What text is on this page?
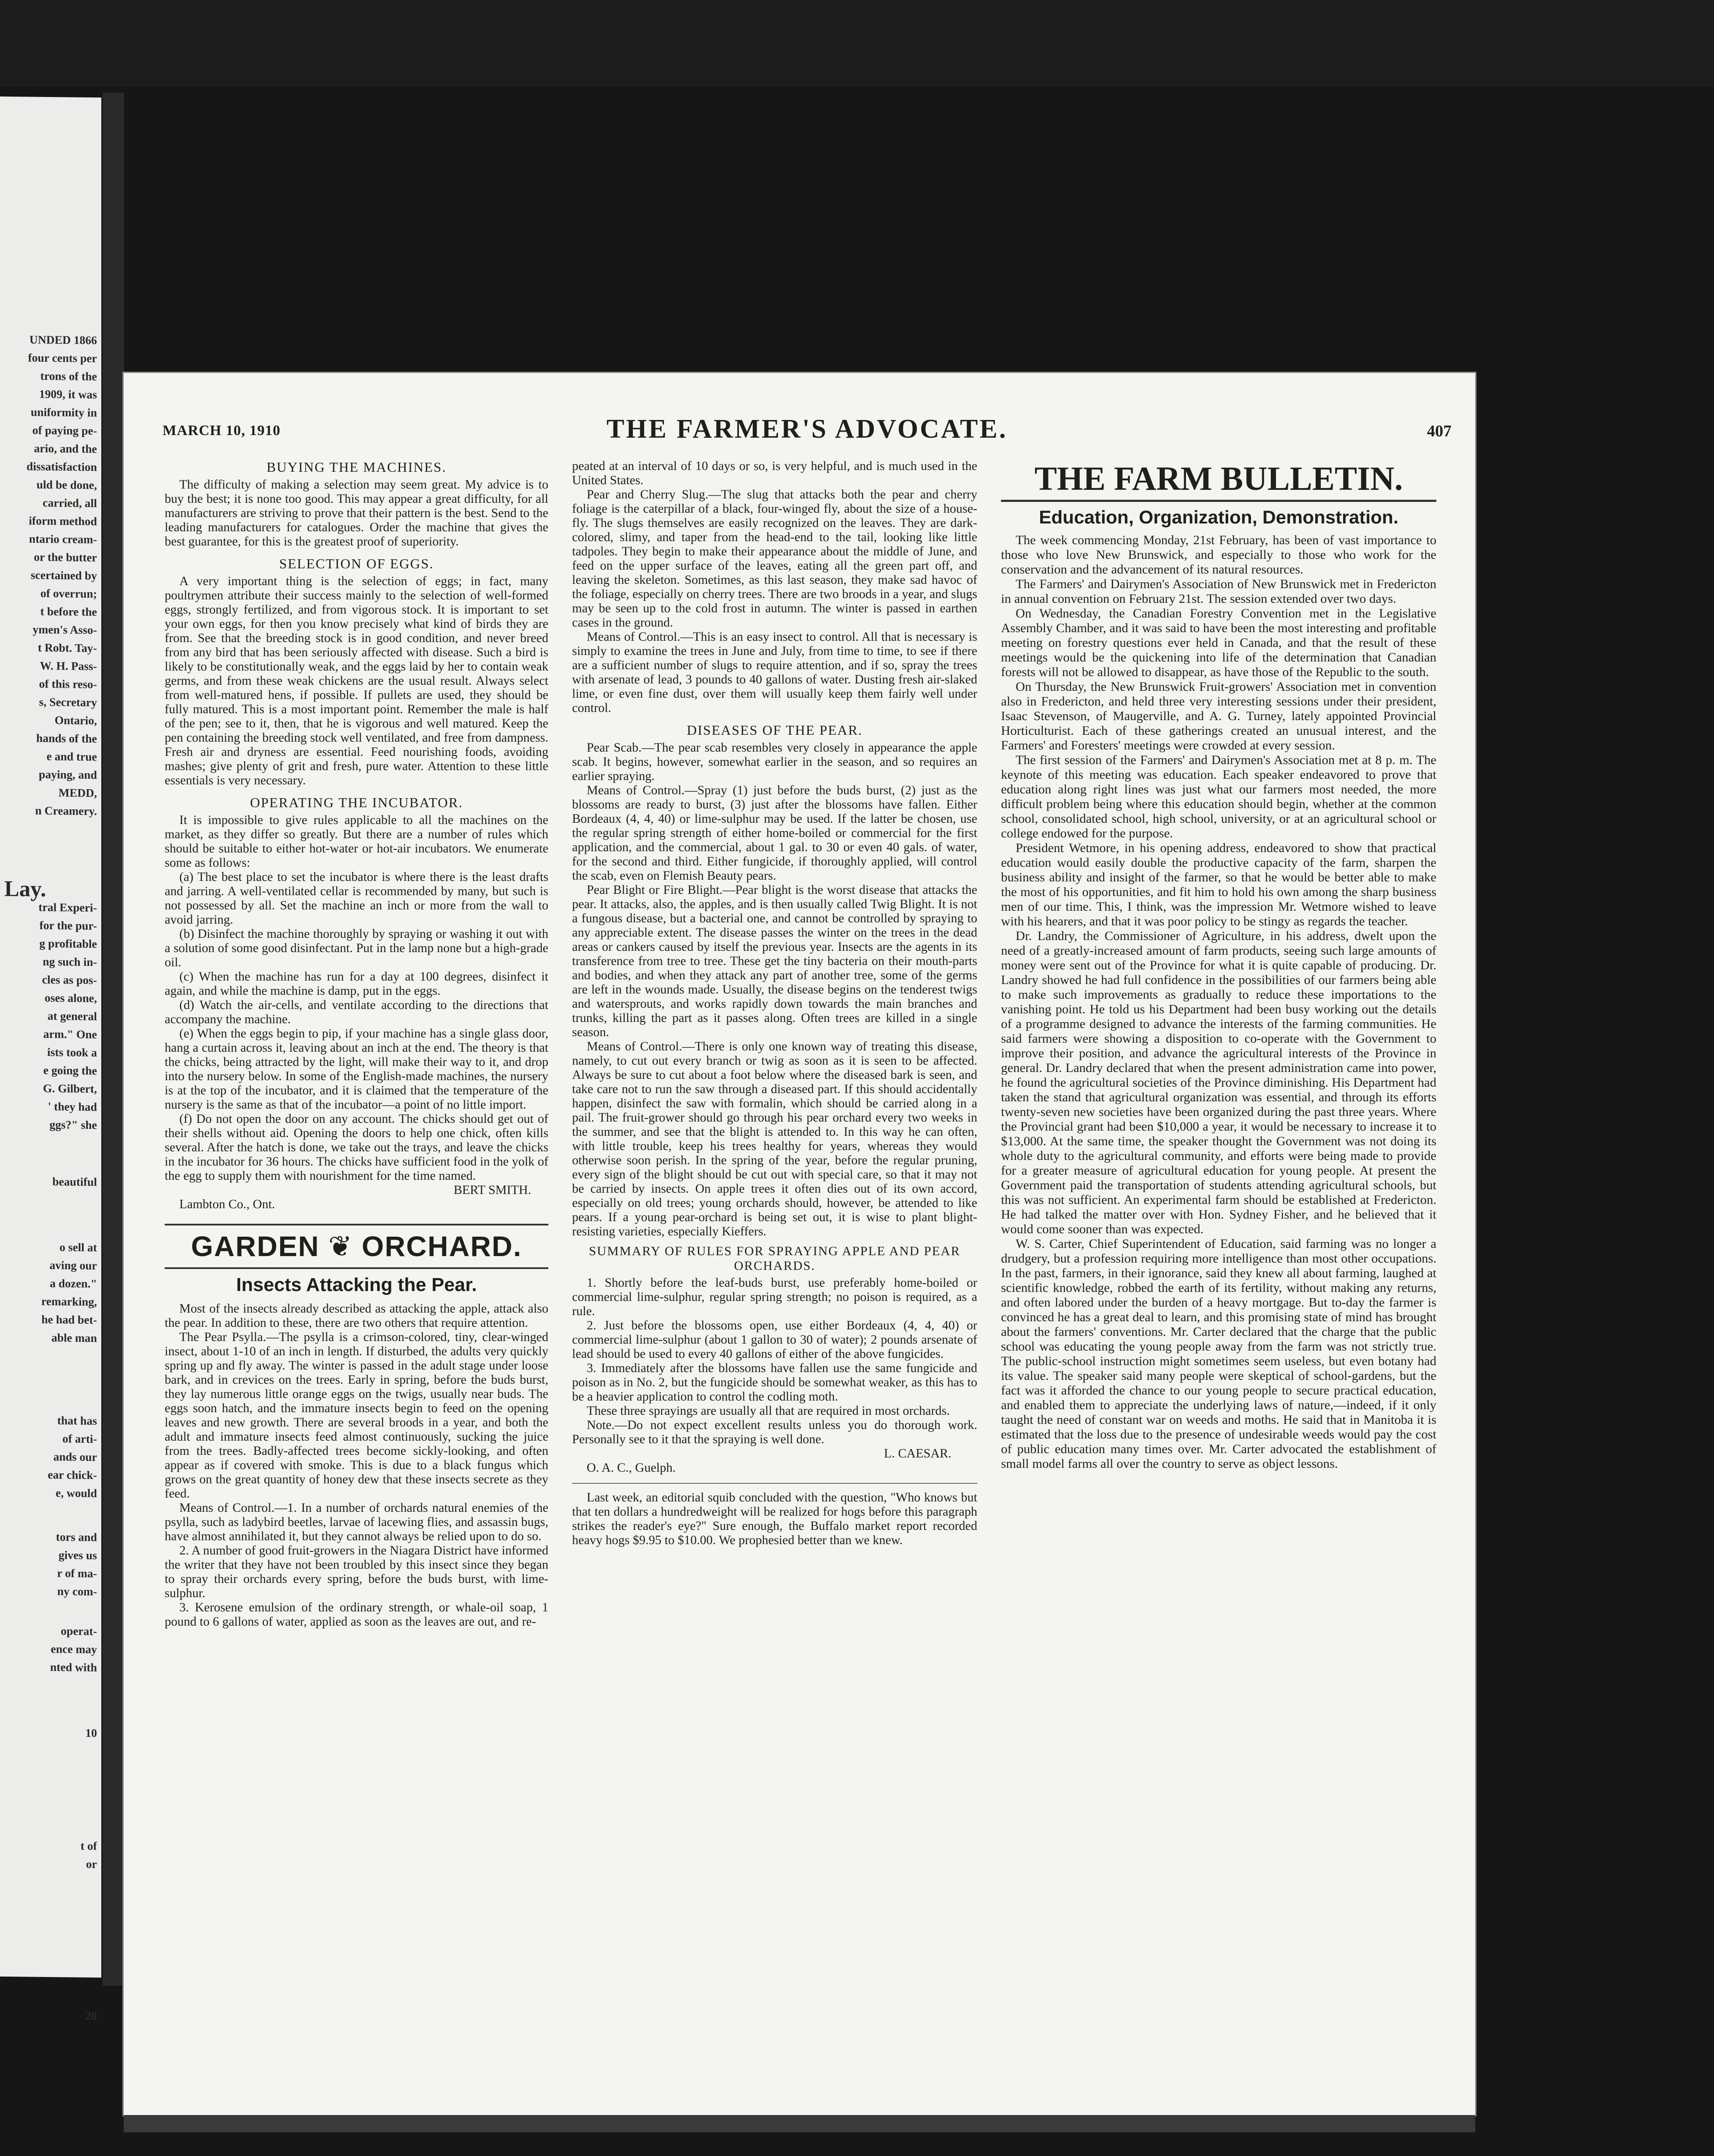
UNDED 1866
four cents per
trons of the
1909, it was
uniformity in
of paying pe-
ario, and the
dissatisfaction
uld be done,
carried, all
iform method
ntario cream-
or the butter
scertained by
of overrun;
t before the
ymen's Asso-
t Robt. Tay-
W. H. Pass-
of this reso-
s, Secretary
Ontario,
hands of the
e and true
paying, and
MEDD,
n Creamery.
Lay.
tral Experi-
for the pur-
g profitable
ng such in-
cles as pos-
oses alone,
at general
arm." One
ists took a
e going the
G. Gilbert,
' they had
ggs?" she
beautiful
o sell at
aving our
a dozen."
remarking,
he had bet-
able man
that has
of arti-
ands our
ear chick-
e, would
tors and
gives us
r of ma-
ny com-
operat-
ence may
nted with
10
t of
or
20
MARCH 10, 1910	THE FARMER'S ADVOCATE.	407
BUYING THE MACHINES.

The difficulty of making a selection may seem great. My advice is to buy the best; it is none too good. This may appear a great difficulty, for all manufacturers are striving to prove that their pattern is the best. Send to the leading manufacturers for catalogues. Order the machine that gives the best guarantee, for this is the greatest proof of superiority.

SELECTION OF EGGS.

A very important thing is the selection of eggs; in fact, many poultrymen attribute their success mainly to the selection of well-formed eggs, strongly fertilized, and from vigorous stock. It is important to set your own eggs, for then you know precisely what kind of birds they are from. See that the breeding stock is in good condition, and never breed from any bird that has been seriously affected with disease. Such a bird is likely to be constitutionally weak, and the eggs laid by her to contain weak germs, and from these weak chickens are the usual result. Always select from well-matured hens, if possible. If pullets are used, they should be fully matured. This is a most important point. Remember the male is half of the pen; see to it, then, that he is vigorous and well matured. Keep the pen containing the breeding stock well ventilated, and free from dampness. Fresh air and dryness are essential. Feed nourishing foods, avoiding mashes; give plenty of grit and fresh, pure water. Attention to these little essentials is very necessary.

OPERATING THE INCUBATOR.

It is impossible to give rules applicable to all the machines on the market, as they differ so greatly. But there are a number of rules which should be suitable to either hot-water or hot-air incubators. We enumerate some as follows:

(a) The best place to set the incubator is where there is the least drafts and jarring. A well-ventilated cellar is recommended by many, but such is not possessed by all. Set the machine an inch or more from the wall to avoid jarring.

(b) Disinfect the machine thoroughly by spraying or washing it out with a solution of some good disinfectant. Put in the lamp none but a high-grade oil.

(c) When the machine has run for a day at 100 degrees, disinfect it again, and while the machine is damp, put in the eggs.

(d) Watch the air-cells, and ventilate according to the directions that accompany the machine.

(e) When the eggs begin to pip, if your machine has a single glass door, hang a curtain across it, leaving about an inch at the end. The theory is that the chicks, being attracted by the light, will make their way to it, and drop into the nursery below. In some of the English-made machines, the nursery is at the top of the incubator, and it is claimed that the temperature of the nursery is the same as that of the incubator—a point of no little import.

(f) Do not open the door on any account. The chicks should get out of their shells without aid. Opening the doors to help one chick, often kills several. After the hatch is done, we take out the trays, and leave the chicks in the incubator for 36 hours. The chicks have sufficient food in the yolk of the egg to supply them with nourishment for the time named.

BERT SMITH.

Lambton Co., Ont.

GARDEN ❦ ORCHARD.
Insects Attacking the Pear.

Most of the insects already described as attacking the apple, attack also the pear. In addition to these, there are two others that require attention.

The Pear Psylla.—The psylla is a crimson-colored, tiny, clear-winged insect, about 1-10 of an inch in length. If disturbed, the adults very quickly spring up and fly away. The winter is passed in the adult stage under loose bark, and in crevices on the trees. Early in spring, before the buds burst, they lay numerous little orange eggs on the twigs, usually near buds. The eggs soon hatch, and the immature insects begin to feed on the opening leaves and new growth. There are several broods in a year, and both the adult and immature insects feed almost continuously, sucking the juice from the trees. Badly-affected trees become sickly-looking, and often appear as if covered with smoke. This is due to a black fungus which grows on the great quantity of honey dew that these insects secrete as they feed.

Means of Control.—1. In a number of orchards natural enemies of the psylla, such as ladybird beetles, larvae of lacewing flies, and assassin bugs, have almost annihilated it, but they cannot always be relied upon to do so.

2. A number of good fruit-growers in the Niagara District have informed the writer that they have not been troubled by this insect since they began to spray their orchards every spring, before the buds burst, with lime-sulphur.

3. Kerosene emulsion of the ordinary strength, or whale-oil soap, 1 pound to 6 gallons of water, applied as soon as the leaves are out, and re-

peated at an interval of 10 days or so, is very helpful, and is much used in the United States.

Pear and Cherry Slug.—The slug that attacks both the pear and cherry foliage is the caterpillar of a black, four-winged fly, about the size of a house-fly. The slugs themselves are easily recognized on the leaves. They are dark-colored, slimy, and taper from the head-end to the tail, looking like little tadpoles. They begin to make their appearance about the middle of June, and feed on the upper surface of the leaves, eating all the green part off, and leaving the skeleton. Sometimes, as this last season, they make sad havoc of the foliage, especially on cherry trees. There are two broods in a year, and slugs may be seen up to the cold frost in autumn. The winter is passed in earthen cases in the ground.

Means of Control.—This is an easy insect to control. All that is necessary is simply to examine the trees in June and July, from time to time, to see if there are a sufficient number of slugs to require attention, and if so, spray the trees with arsenate of lead, 3 pounds to 40 gallons of water. Dusting fresh air-slaked lime, or even fine dust, over them will usually keep them fairly well under control.

DISEASES OF THE PEAR.

Pear Scab.—The pear scab resembles very closely in appearance the apple scab. It begins, however, somewhat earlier in the season, and so requires an earlier spraying.

Means of Control.—Spray (1) just before the buds burst, (2) just as the blossoms are ready to burst, (3) just after the blossoms have fallen. Either Bordeaux (4, 4, 40) or lime-sulphur may be used. If the latter be chosen, use the regular spring strength of either home-boiled or commercial for the first application, and the commercial, about 1 gal. to 30 or even 40 gals. of water, for the second and third. Either fungicide, if thoroughly applied, will control the scab, even on Flemish Beauty pears.

Pear Blight or Fire Blight.—Pear blight is the worst disease that attacks the pear. It attacks, also, the apples, and is then usually called Twig Blight. It is not a fungous disease, but a bacterial one, and cannot be controlled by spraying to any appreciable extent. The disease passes the winter on the trees in the dead areas or cankers caused by itself the previous year. Insects are the agents in its transference from tree to tree. These get the tiny bacteria on their mouth-parts and bodies, and when they attack any part of another tree, some of the germs are left in the wounds made. Usually, the disease begins on the tenderest twigs and watersprouts, and works rapidly down towards the main branches and trunks, killing the part as it passes along. Often trees are killed in a single season.

Means of Control.—There is only one known way of treating this disease, namely, to cut out every branch or twig as soon as it is seen to be affected. Always be sure to cut about a foot below where the diseased bark is seen, and take care not to run the saw through a diseased part. If this should accidentally happen, disinfect the saw with formalin, which should be carried along in a pail. The fruit-grower should go through his pear orchard every two weeks in the summer, and see that the blight is attended to. In this way he can often, with little trouble, keep his trees healthy for years, whereas they would otherwise soon perish. In the spring of the year, before the regular pruning, every sign of the blight should be cut out with special care, so that it may not be carried by insects. On apple trees it often dies out of its own accord, especially on old trees; young orchards should, however, be attended to like pears. If a young pear-orchard is being set out, it is wise to plant blight-resisting varieties, especially Kieffers.

SUMMARY OF RULES FOR SPRAYING APPLE AND PEAR ORCHARDS.

1. Shortly before the leaf-buds burst, use preferably home-boiled or commercial lime-sulphur, regular spring strength; no poison is required, as a rule.

2. Just before the blossoms open, use either Bordeaux (4, 4, 40) or commercial lime-sulphur (about 1 gallon to 30 of water); 2 pounds arsenate of lead should be used to every 40 gallons of either of the above fungicides.

3. Immediately after the blossoms have fallen use the same fungicide and poison as in No. 2, but the fungicide should be somewhat weaker, as this has to be a heavier application to control the codling moth.

These three sprayings are usually all that are required in most orchards.

Note.—Do not expect excellent results unless you do thorough work. Personally see to it that the spraying is well done.

L. CAESAR.

O. A. C., Guelph.

Last week, an editorial squib concluded with the question, "Who knows but that ten dollars a hundredweight will be realized for hogs before this paragraph strikes the reader's eye?" Sure enough, the Buffalo market report recorded heavy hogs $9.95 to $10.00. We prophesied better than we knew.

THE FARM BULLETIN.
Education, Organization, Demonstration.

The week commencing Monday, 21st February, has been of vast importance to those who love New Brunswick, and especially to those who work for the conservation and the advancement of its natural resources.

The Farmers' and Dairymen's Association of New Brunswick met in Fredericton in annual convention on February 21st. The session extended over two days.

On Wednesday, the Canadian Forestry Convention met in the Legislative Assembly Chamber, and it was said to have been the most interesting and profitable meeting on forestry questions ever held in Canada, and that the result of these meetings would be the quickening into life of the determination that Canadian forests will not be allowed to disappear, as have those of the Republic to the south.

On Thursday, the New Brunswick Fruit-growers' Association met in convention also in Fredericton, and held three very interesting sessions under their president, Isaac Stevenson, of Maugerville, and A. G. Turney, lately appointed Provincial Horticulturist. Each of these gatherings created an unusual interest, and the Farmers' and Foresters' meetings were crowded at every session.

The first session of the Farmers' and Dairymen's Association met at 8 p. m. The keynote of this meeting was education. Each speaker endeavored to prove that education along right lines was just what our farmers most needed, the more difficult problem being where this education should begin, whether at the common school, consolidated school, high school, university, or at an agricultural school or college endowed for the purpose.

President Wetmore, in his opening address, endeavored to show that practical education would easily double the productive capacity of the farm, sharpen the business ability and insight of the farmer, so that he would be better able to make the most of his opportunities, and fit him to hold his own among the sharp business men of our time. This, I think, was the impression Mr. Wetmore wished to leave with his hearers, and that it was poor policy to be stingy as regards the teacher.

Dr. Landry, the Commissioner of Agriculture, in his address, dwelt upon the need of a greatly-increased amount of farm products, seeing such large amounts of money were sent out of the Province for what it is quite capable of producing. Dr. Landry showed he had full confidence in the possibilities of our farmers being able to make such improvements as gradually to reduce these importations to the vanishing point. He told us his Department had been busy working out the details of a programme designed to advance the interests of the farming communities. He said farmers were showing a disposition to co-operate with the Government to improve their position, and advance the agricultural interests of the Province in general. Dr. Landry declared that when the present administration came into power, he found the agricultural societies of the Province diminishing. His Department had taken the stand that agricultural organization was essential, and through its efforts twenty-seven new societies have been organized during the past three years. Where the Provincial grant had been $10,000 a year, it would be necessary to increase it to $13,000. At the same time, the speaker thought the Government was not doing its whole duty to the agricultural community, and efforts were being made to provide for a greater measure of agricultural education for young people. At present the Government paid the transportation of students attending agricultural schools, but this was not sufficient. An experimental farm should be established at Fredericton. He had talked the matter over with Hon. Sydney Fisher, and he believed that it would come sooner than was expected.

W. S. Carter, Chief Superintendent of Education, said farming was no longer a drudgery, but a profession requiring more intelligence than most other occupations. In the past, farmers, in their ignorance, said they knew all about farming, laughed at scientific knowledge, robbed the earth of its fertility, without making any returns, and often labored under the burden of a heavy mortgage. But to-day the farmer is convinced he has a great deal to learn, and this promising state of mind has brought about the farmers' conventions. Mr. Carter declared that the charge that the public school was educating the young people away from the farm was not strictly true. The public-school instruction might sometimes seem useless, but even botany had its value. The speaker said many people were skeptical of school-gardens, but the fact was it afforded the chance to our young people to secure practical education, and enabled them to appreciate the underlying laws of nature,—indeed, if it only taught the need of constant war on weeds and moths. He said that in Manitoba it is estimated that the loss due to the presence of undesirable weeds would pay the cost of public education many times over. Mr. Carter advocated the establishment of small model farms all over the country to serve as object lessons.
